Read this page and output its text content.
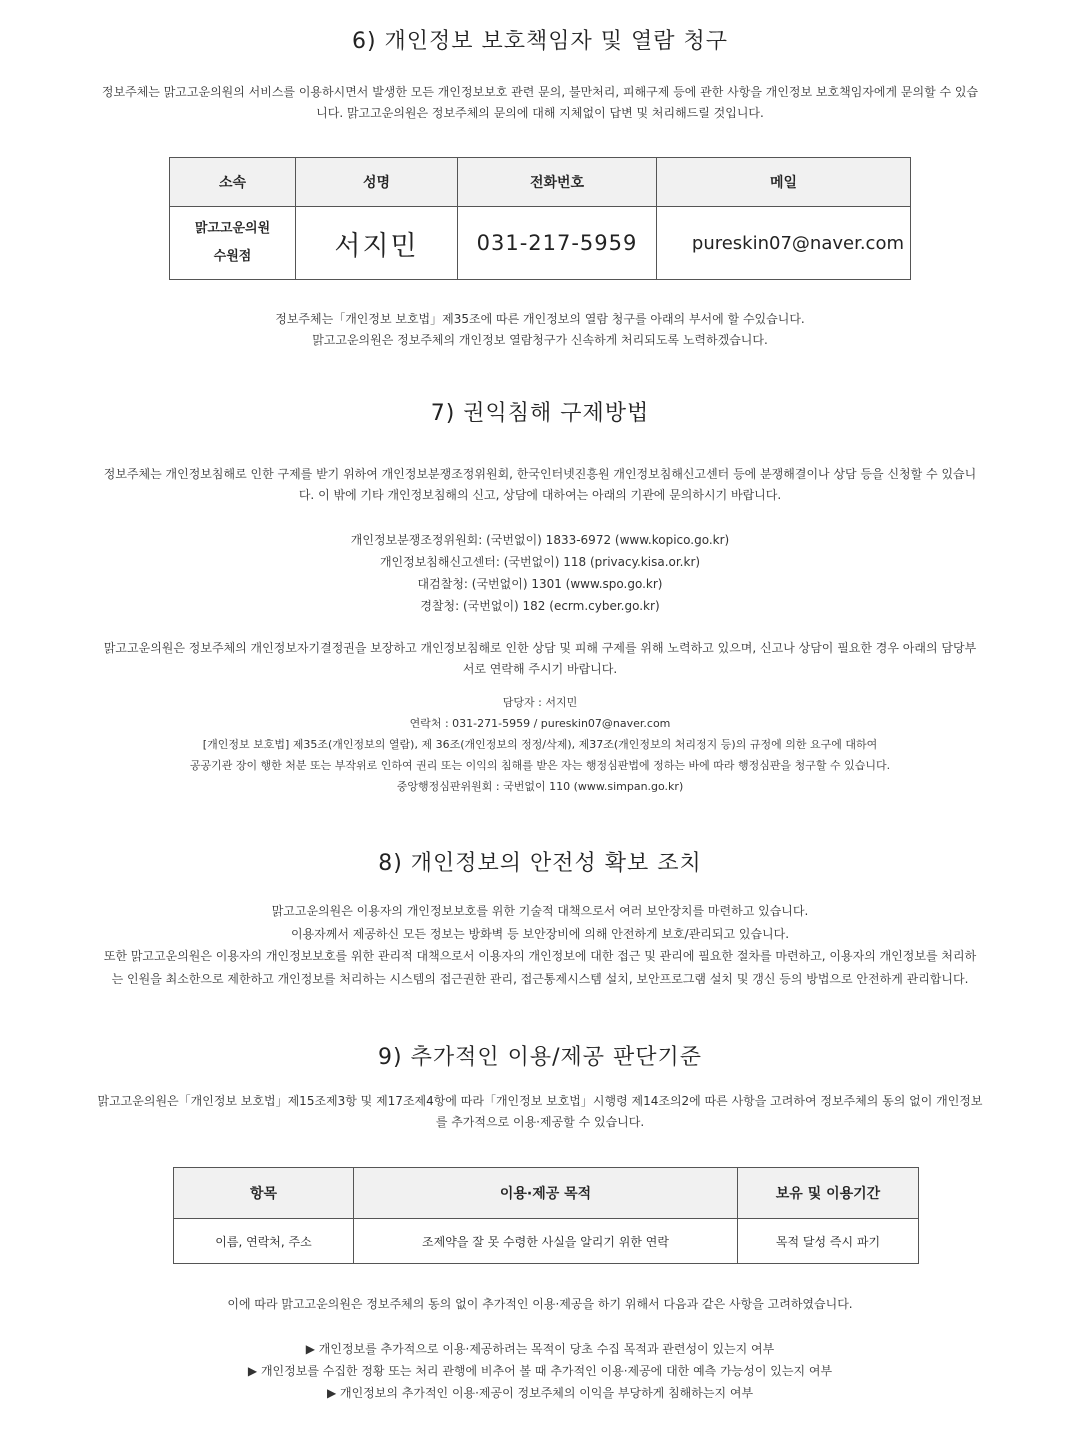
6) 개인정보 보호책임자 및 열람 청구
정보주체는 맑고고운의원의 서비스를 이용하시면서 발생한 모든 개인정보보호 관련 문의, 불만처리, 피해구제 등에 관한 사항을 개인정보 보호책임자에게 문의할 수 있습
니다. 맑고고운의원은 정보주체의 문의에 대해 지체없이 답변 및 처리해드릴 것입니다.
소속	성명	전화번호	메일

맑고고운의원
수원점	서지민	031-217-5959	pureskin07@naver.com
정보주체는「개인정보 보호법」제35조에 따른 개인정보의 열람 청구를 아래의 부서에 할 수있습니다.
맑고고운의원은 정보주체의 개인정보 열람청구가 신속하게 처리되도록 노력하겠습니다.
7) 권익침해 구제방법
정보주체는 개인정보침해로 인한 구제를 받기 위하여 개인정보분쟁조정위원회, 한국인터넷진흥원 개인정보침해신고센터 등에 분쟁해결이나 상담 등을 신청할 수 있습니
다. 이 밖에 기타 개인정보침해의 신고, 상담에 대하여는 아래의 기관에 문의하시기 바랍니다.
개인정보분쟁조정위원회: (국번없이) 1833-6972 (www.kopico.go.kr)
개인정보침해신고센터: (국번없이) 118 (privacy.kisa.or.kr)
대검찰청: (국번없이) 1301 (www.spo.go.kr)
경찰청: (국번없이) 182 (ecrm.cyber.go.kr)
맑고고운의원은 정보주체의 개인정보자기결정권을 보장하고 개인정보침해로 인한 상담 및 피해 구제를 위해 노력하고 있으며, 신고나 상담이 필요한 경우 아래의 담당부
서로 연락해 주시기 바랍니다.
담당자 : 서지민
연락처 : 031-271-5959 / pureskin07@naver.com
[개인정보 보호법] 제35조(개인정보의 열람), 제 36조(개인정보의 정정/삭제), 제37조(개인정보의 처리정지 등)의 규정에 의한 요구에 대하여
공공기관 장이 행한 처분 또는 부작위로 인하여 권리 또는 이익의 침해를 받은 자는 행정심판법에 정하는 바에 따라 행정심판을 청구할 수 있습니다.
중앙행정심판위원회 : 국번없이 110 (www.simpan.go.kr)
8) 개인정보의 안전성 확보 조치
맑고고운의원은 이용자의 개인정보보호를 위한 기술적 대책으로서 여러 보안장치를 마련하고 있습니다.
이용자께서 제공하신 모든 정보는 방화벽 등 보안장비에 의해 안전하게 보호/관리되고 있습니다.
또한 맑고고운의원은 이용자의 개인정보보호를 위한 관리적 대책으로서 이용자의 개인정보에 대한 접근 및 관리에 필요한 절차를 마련하고, 이용자의 개인정보를 처리하
는 인원을 최소한으로 제한하고 개인정보를 처리하는 시스템의 접근권한 관리, 접근통제시스템 설치, 보안프로그램 설치 및 갱신 등의 방법으로 안전하게 관리합니다.
9) 추가적인 이용/제공 판단기준
맑고고운의원은「개인정보 보호법」제15조제3항 및 제17조제4항에 따라「개인정보 보호법」시행령 제14조의2에 따른 사항을 고려하여 정보주체의 동의 없이 개인정보
를 추가적으로 이용·제공할 수 있습니다.
항목	이용·제공 목적	보유 및 이용기간
이름, 연락처, 주소	조제약을 잘 못 수령한 사실을 알리기 위한 연락	목적 달성 즉시 파기
이에 따라 맑고고운의원은 정보주체의 동의 없이 추가적인 이용·제공을 하기 위해서 다음과 같은 사항을 고려하였습니다.
▶ 개인정보를 추가적으로 이용·제공하려는 목적이 당초 수집 목적과 관련성이 있는지 여부
▶ 개인정보를 수집한 정황 또는 처리 관행에 비추어 볼 때 추가적인 이용·제공에 대한 예측 가능성이 있는지 여부
▶ 개인정보의 추가적인 이용·제공이 정보주체의 이익을 부당하게 침해하는지 여부
